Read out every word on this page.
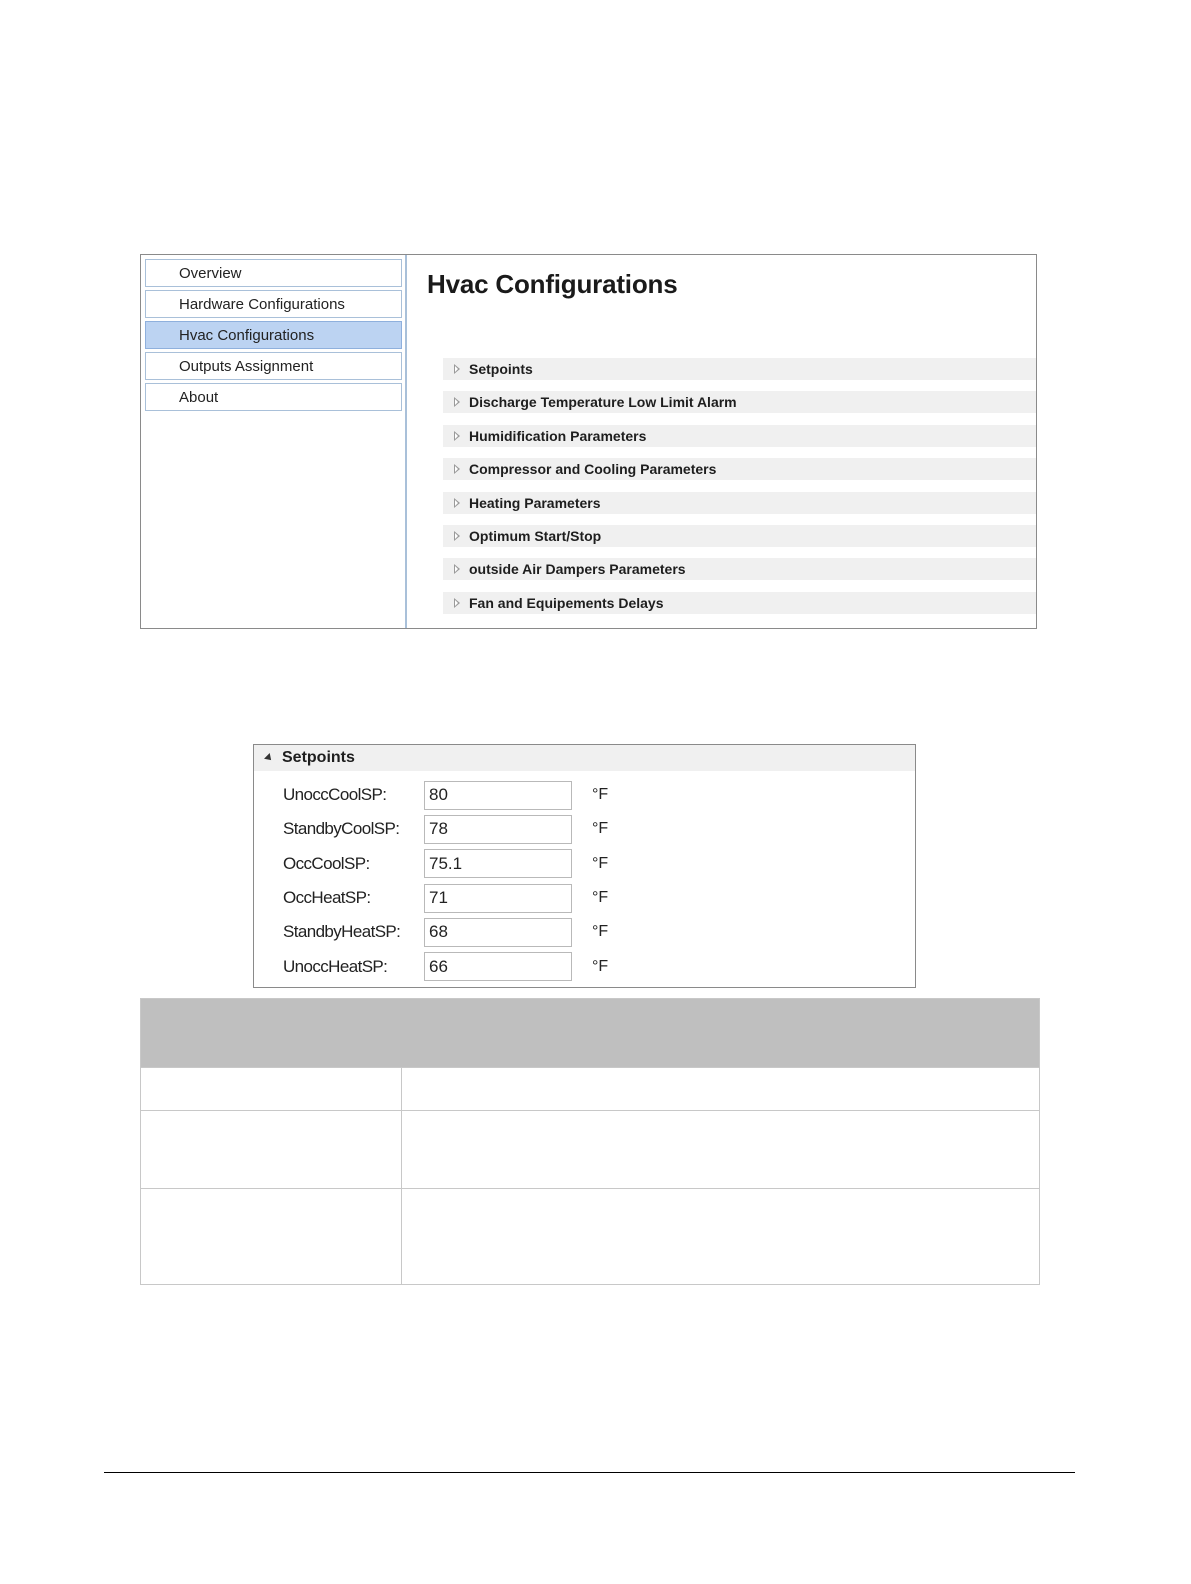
Overview
Hardware Configurations
Hvac Configurations
Outputs Assignment
About
Hvac Configurations
Setpoints
Discharge Temperature Low Limit Alarm
Humidification Parameters
Compressor and Cooling Parameters
Heating Parameters
Optimum Start/Stop
outside Air Dampers Parameters
Fan and Equipements Delays
Setpoints
UnoccCoolSP:
80	°F
StandbyCoolSP:
78	°F
OccCoolSP:
75.1	°F
OccHeatSP:
71	°F
StandbyHeatSP:
68	°F
UnoccHeatSP:
66	°F
